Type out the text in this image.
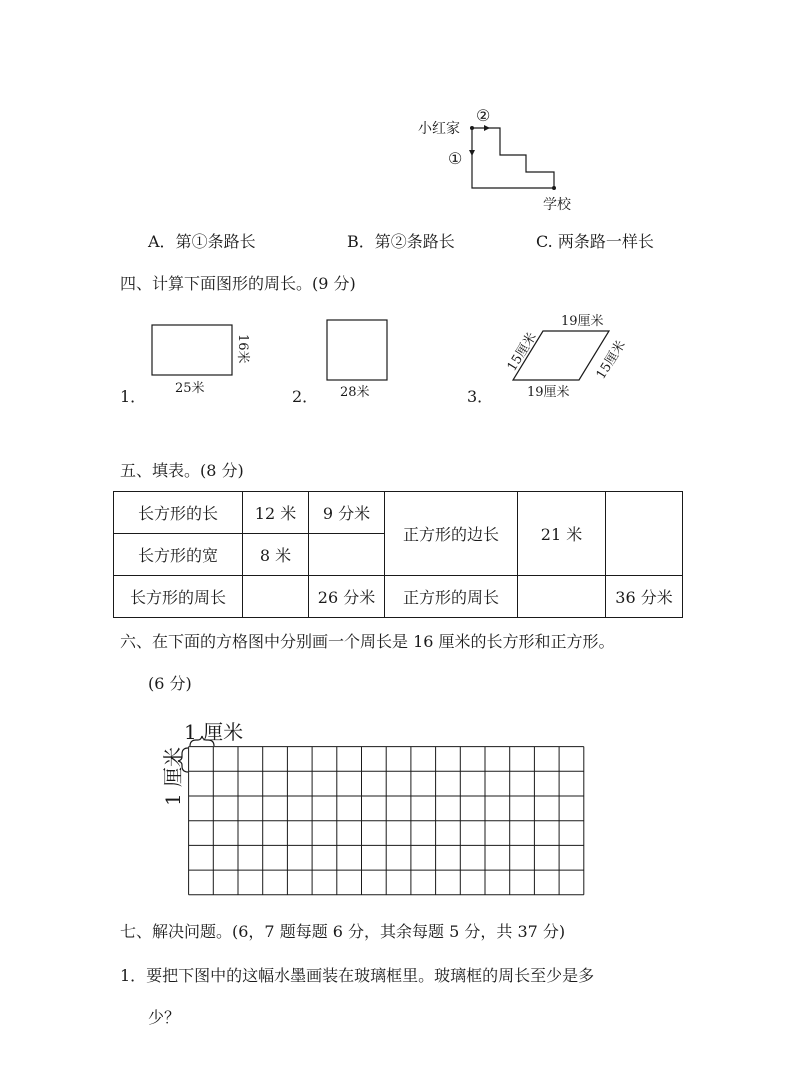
②
小红家
①
学校
A．第①条路长	B．第②条路长	C. 两条路一样长
四、计算下面图形的周长。(9 分)
1． 25米
16米
2． 28米	3．
19厘米
19厘米
15厘米	15厘米
五、填表。(8 分)
长方形的长	12 米	9 分米	正方形的边长	21 米	
长方形的宽	8 米				
长方形的周长		26 分米	正方形的周长		36 分米
六、在下面的方格图中分别画一个周长是 16 厘米的长方形和正方形。
(6 分)
1 厘米
1 厘米
七、解决问题。(6，7 题每题 6 分，其余每题 5 分，共 37 分)
1．要把下图中的这幅水墨画装在玻璃框里。玻璃框的周长至少是多
少？
